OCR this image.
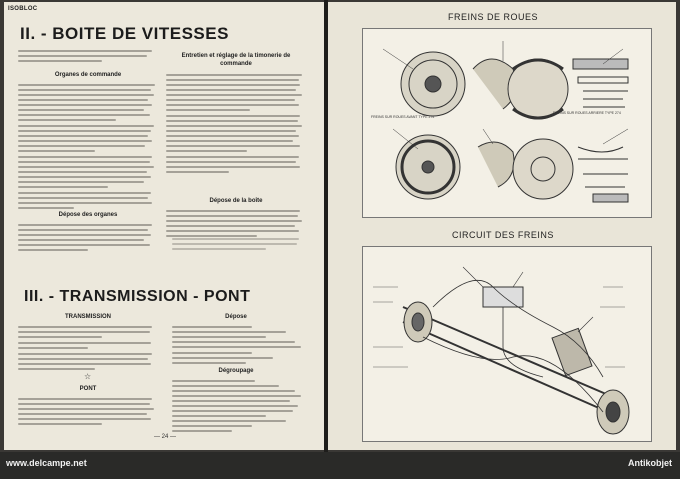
ISOBLOC
II. - BOITE DE VITESSES
Organes de commande
Dépose des organes
Entretien et réglage de la timonerie de commande
Dépose de la boîte
III. - TRANSMISSION - PONT
TRANSMISSION
☆
PONT
Dépose
Dégroupage
— 24 —
FREINS DE ROUES
FREINS SUR ROUES AVANT TYPE 274
FREINS SUR ROUES ARRIERE TYPE 274
CIRCUIT DES FREINS
www.delcampe.net	Antikobjet
